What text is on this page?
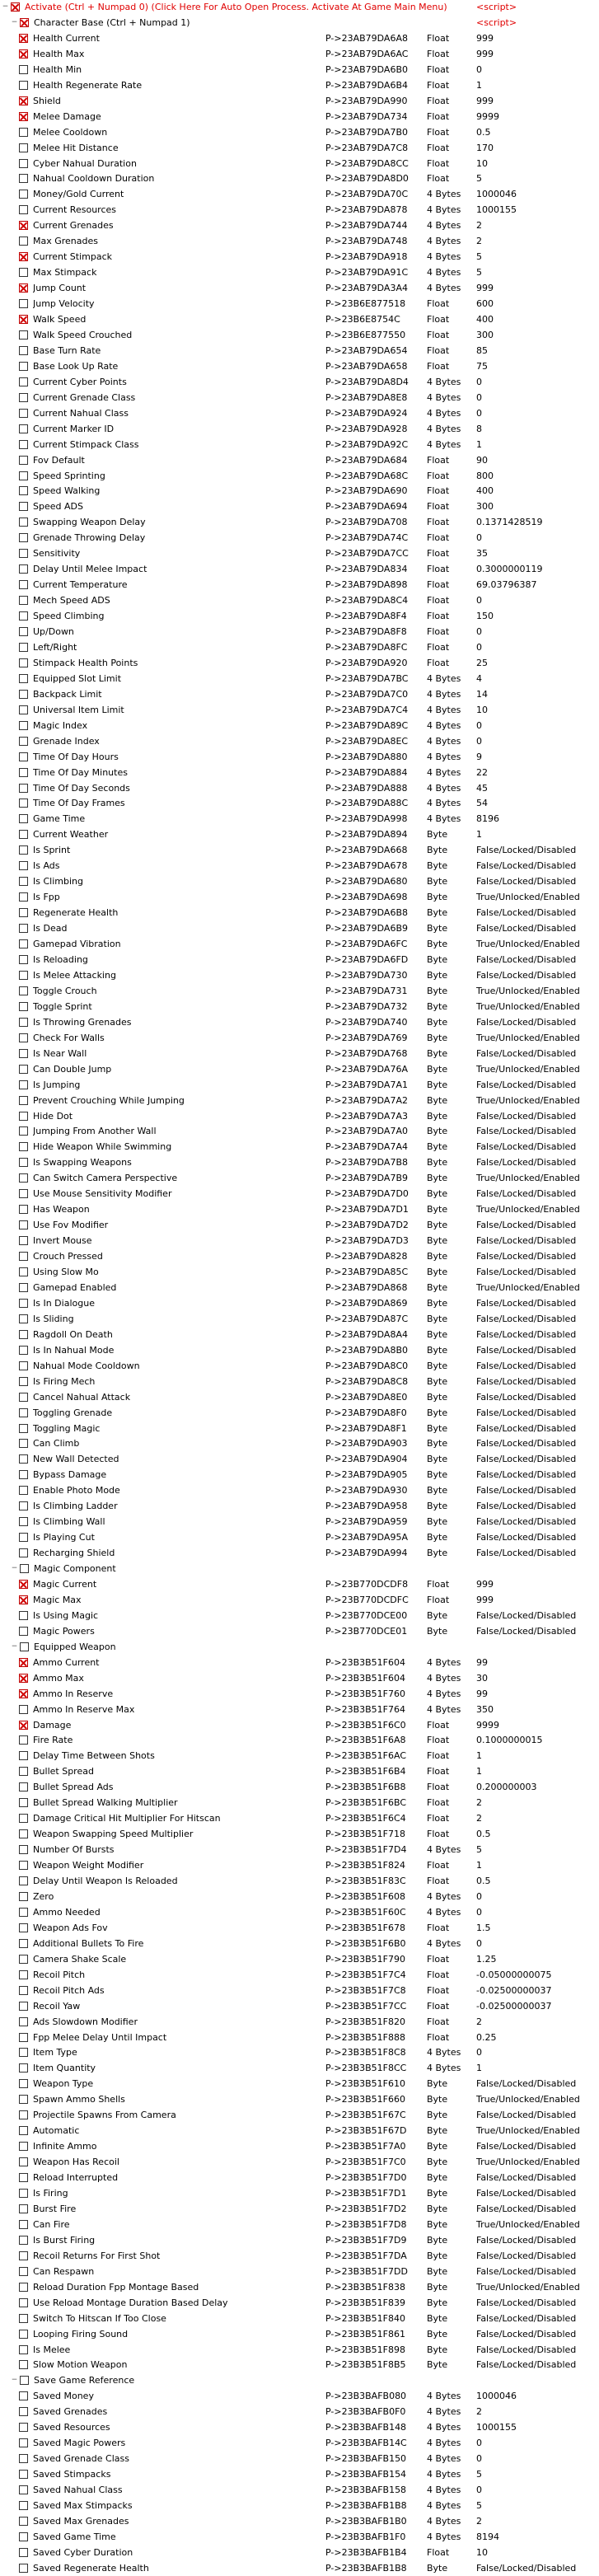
− Activate (Ctrl + Numpad 0) (Click Here For Auto Open Process. Activate At Game Main Menu)	<script>
− Character Base (Ctrl + Numpad 1)	<script>
Health Current	P->23AB79DA6A8 Float	999
Health Max	P->23AB79DA6AC Float	999
Health Min	P->23AB79DA6B0 Float	0
Health Regenerate Rate	P->23AB79DA6B4 Float	1
Shield	P->23AB79DA990 Float	999
Melee Damage	P->23AB79DA734 Float	9999
Melee Cooldown	P->23AB79DA7B0 Float	0.5
Melee Hit Distance	P->23AB79DA7C8 Float	170
Cyber Nahual Duration	P->23AB79DA8CC Float	10
Nahual Cooldown Duration	P->23AB79DA8D0 Float	5
Money/Gold Current	P->23AB79DA70C 4 Bytes 1000046
Current Resources	P->23AB79DA878 4 Bytes 1000155
Current Grenades	P->23AB79DA744 4 Bytes 2
Max Grenades	P->23AB79DA748 4 Bytes 2
Current Stimpack	P->23AB79DA918 4 Bytes 5
Max Stimpack	P->23AB79DA91C 4 Bytes 5
Jump Count	P->23AB79DA3A4 4 Bytes 999
Jump Velocity	P->23B6E877518 Float	600
Walk Speed	P->23B6E8754C	Float	400
Walk Speed Crouched	P->23B6E877550 Float	300
Base Turn Rate	P->23AB79DA654 Float	85
Base Look Up Rate	P->23AB79DA658 Float	75
Current Cyber Points	P->23AB79DA8D4 4 Bytes 0
Current Grenade Class	P->23AB79DA8E8 4 Bytes 0
Current Nahual Class	P->23AB79DA924 4 Bytes 0
Current Marker ID	P->23AB79DA928 4 Bytes 8
Current Stimpack Class	P->23AB79DA92C 4 Bytes 1
Fov Default	P->23AB79DA684 Float	90
Speed Sprinting	P->23AB79DA68C Float	800
Speed Walking	P->23AB79DA690 Float	400
Speed ADS	P->23AB79DA694 Float	300
Swapping Weapon Delay	P->23AB79DA708 Float	0.1371428519
Grenade Throwing Delay	P->23AB79DA74C Float	0
Sensitivity	P->23AB79DA7CC Float	35
Delay Until Melee Impact	P->23AB79DA834 Float	0.3000000119
Current Temperature	P->23AB79DA898 Float	69.03796387
Mech Speed ADS	P->23AB79DA8C4 Float	0
Speed Climbing	P->23AB79DA8F4 Float	150
Up/Down	P->23AB79DA8F8 Float	0
Left/Right	P->23AB79DA8FC Float	0
Stimpack Health Points	P->23AB79DA920 Float	25
Equipped Slot Limit	P->23AB79DA7BC 4 Bytes 4
Backpack Limit	P->23AB79DA7C0 4 Bytes 14
Universal Item Limit	P->23AB79DA7C4 4 Bytes 10
Magic Index	P->23AB79DA89C 4 Bytes 0
Grenade Index	P->23AB79DA8EC 4 Bytes 0
Time Of Day Hours	P->23AB79DA880 4 Bytes 9
Time Of Day Minutes	P->23AB79DA884 4 Bytes 22
Time Of Day Seconds	P->23AB79DA888 4 Bytes 45
Time Of Day Frames	P->23AB79DA88C 4 Bytes 54
Game Time	P->23AB79DA998 4 Bytes 8196
Current Weather	P->23AB79DA894 Byte	1
Is Sprint	P->23AB79DA668 Byte	False/Locked/Disabled
Is Ads	P->23AB79DA678 Byte	False/Locked/Disabled
Is Climbing	P->23AB79DA680 Byte	False/Locked/Disabled
Is Fpp	P->23AB79DA698 Byte	True/Unlocked/Enabled
Regenerate Health	P->23AB79DA6B8 Byte	False/Locked/Disabled
Is Dead	P->23AB79DA6B9 Byte	False/Locked/Disabled
Gamepad Vibration	P->23AB79DA6FC Byte	True/Unlocked/Enabled
Is Reloading	P->23AB79DA6FD Byte	False/Locked/Disabled
Is Melee Attacking	P->23AB79DA730 Byte	False/Locked/Disabled
Toggle Crouch	P->23AB79DA731 Byte	True/Unlocked/Enabled
Toggle Sprint	P->23AB79DA732 Byte	True/Unlocked/Enabled
Is Throwing Grenades	P->23AB79DA740 Byte	False/Locked/Disabled
Check For Walls	P->23AB79DA769 Byte	True/Unlocked/Enabled
Is Near Wall	P->23AB79DA768 Byte	False/Locked/Disabled
Can Double Jump	P->23AB79DA76A Byte	True/Unlocked/Enabled
Is Jumping	P->23AB79DA7A1 Byte	False/Locked/Disabled
Prevent Crouching While Jumping	P->23AB79DA7A2 Byte	True/Unlocked/Enabled
Hide Dot	P->23AB79DA7A3 Byte	False/Locked/Disabled
Jumping From Another Wall	P->23AB79DA7A0 Byte	False/Locked/Disabled
Hide Weapon While Swimming	P->23AB79DA7A4 Byte	False/Locked/Disabled
Is Swapping Weapons	P->23AB79DA7B8 Byte	False/Locked/Disabled
Can Switch Camera Perspective	P->23AB79DA7B9 Byte	True/Unlocked/Enabled
Use Mouse Sensitivity Modifier	P->23AB79DA7D0 Byte	False/Locked/Disabled
Has Weapon	P->23AB79DA7D1 Byte	True/Unlocked/Enabled
Use Fov Modifier	P->23AB79DA7D2 Byte	False/Locked/Disabled
Invert Mouse	P->23AB79DA7D3 Byte	False/Locked/Disabled
Crouch Pressed	P->23AB79DA828 Byte	False/Locked/Disabled
Using Slow Mo	P->23AB79DA85C Byte	False/Locked/Disabled
Gamepad Enabled	P->23AB79DA868 Byte	True/Unlocked/Enabled
Is In Dialogue	P->23AB79DA869 Byte	False/Locked/Disabled
Is Sliding	P->23AB79DA87C Byte	False/Locked/Disabled
Ragdoll On Death	P->23AB79DA8A4 Byte	False/Locked/Disabled
Is In Nahual Mode	P->23AB79DA8B0 Byte	False/Locked/Disabled
Nahual Mode Cooldown	P->23AB79DA8C0 Byte	False/Locked/Disabled
Is Firing Mech	P->23AB79DA8C8 Byte	False/Locked/Disabled
Cancel Nahual Attack	P->23AB79DA8E0 Byte	False/Locked/Disabled
Toggling Grenade	P->23AB79DA8F0 Byte	False/Locked/Disabled
Toggling Magic	P->23AB79DA8F1 Byte	False/Locked/Disabled
Can Climb	P->23AB79DA903 Byte	False/Locked/Disabled
New Wall Detected	P->23AB79DA904 Byte	False/Locked/Disabled
Bypass Damage	P->23AB79DA905 Byte	False/Locked/Disabled
Enable Photo Mode	P->23AB79DA930 Byte	False/Locked/Disabled
Is Climbing Ladder	P->23AB79DA958 Byte	False/Locked/Disabled
Is Climbing Wall	P->23AB79DA959 Byte	False/Locked/Disabled
Is Playing Cut	P->23AB79DA95A Byte	False/Locked/Disabled
Recharging Shield	P->23AB79DA994 Byte	False/Locked/Disabled
− Magic Component
Magic Current	P->23B770DCDF8 Float	999
Magic Max	P->23B770DCDFC Float	999
Is Using Magic	P->23B770DCE00 Byte	False/Locked/Disabled
Magic Powers	P->23B770DCE01 Byte	False/Locked/Disabled
− Equipped Weapon
Ammo Current	P->23B3B51F604 4 Bytes 99
Ammo Max	P->23B3B51F604 4 Bytes 30
Ammo In Reserve	P->23B3B51F760 4 Bytes 99
Ammo In Reserve Max	P->23B3B51F764 4 Bytes 350
Damage	P->23B3B51F6C0 Float	9999
Fire Rate	P->23B3B51F6A8 Float	0.1000000015
Delay Time Between Shots	P->23B3B51F6AC Float	1
Bullet Spread	P->23B3B51F6B4 Float	1
Bullet Spread Ads	P->23B3B51F6B8 Float	0.200000003
Bullet Spread Walking Multiplier	P->23B3B51F6BC Float	2
Damage Critical Hit Multiplier For Hitscan	P->23B3B51F6C4 Float	2
Weapon Swapping Speed Multiplier	P->23B3B51F718 Float	0.5
Number Of Bursts	P->23B3B51F7D4 4 Bytes 5
Weapon Weight Modifier	P->23B3B51F824 Float	1
Delay Until Weapon Is Reloaded	P->23B3B51F83C Float	0.5
Zero	P->23B3B51F608 4 Bytes 0
Ammo Needed	P->23B3B51F60C 4 Bytes 0
Weapon Ads Fov	P->23B3B51F678 Float	1.5
Additional Bullets To Fire	P->23B3B51F6B0 4 Bytes 0
Camera Shake Scale	P->23B3B51F790 Float	1.25
Recoil Pitch	P->23B3B51F7C4 Float	-0.05000000075
Recoil Pitch Ads	P->23B3B51F7C8 Float	-0.02500000037
Recoil Yaw	P->23B3B51F7CC Float	-0.02500000037
Ads Slowdown Modifier	P->23B3B51F820 Float	2
Fpp Melee Delay Until Impact	P->23B3B51F888 Float	0.25
Item Type	P->23B3B51F8C8 4 Bytes 0
Item Quantity	P->23B3B51F8CC 4 Bytes 1
Weapon Type	P->23B3B51F610 Byte	False/Locked/Disabled
Spawn Ammo Shells	P->23B3B51F660 Byte	True/Unlocked/Enabled
Projectile Spawns From Camera	P->23B3B51F67C Byte	False/Locked/Disabled
Automatic	P->23B3B51F67D Byte	True/Unlocked/Enabled
Infinite Ammo	P->23B3B51F7A0 Byte	False/Locked/Disabled
Weapon Has Recoil	P->23B3B51F7C0 Byte	True/Unlocked/Enabled
Reload Interrupted	P->23B3B51F7D0 Byte	False/Locked/Disabled
Is Firing	P->23B3B51F7D1 Byte	False/Locked/Disabled
Burst Fire	P->23B3B51F7D2 Byte	False/Locked/Disabled
Can Fire	P->23B3B51F7D8 Byte	True/Unlocked/Enabled
Is Burst Firing	P->23B3B51F7D9 Byte	False/Locked/Disabled
Recoil Returns For First Shot	P->23B3B51F7DA Byte	False/Locked/Disabled
Can Respawn	P->23B3B51F7DD Byte	False/Locked/Disabled
Reload Duration Fpp Montage Based	P->23B3B51F838 Byte	True/Unlocked/Enabled
Use Reload Montage Duration Based Delay	P->23B3B51F839 Byte	False/Locked/Disabled
Switch To Hitscan If Too Close	P->23B3B51F840 Byte	False/Locked/Disabled
Looping Firing Sound	P->23B3B51F861 Byte	False/Locked/Disabled
Is Melee	P->23B3B51F898 Byte	False/Locked/Disabled
Slow Motion Weapon	P->23B3B51F8B5 Byte	False/Locked/Disabled
− Save Game Reference
Saved Money	P->23B3BAFB080 4 Bytes 1000046
Saved Grenades	P->23B3BAFB0F0 4 Bytes 2
Saved Resources	P->23B3BAFB148 4 Bytes 1000155
Saved Magic Powers	P->23B3BAFB14C 4 Bytes 0
Saved Grenade Class	P->23B3BAFB150 4 Bytes 0
Saved Stimpacks	P->23B3BAFB154 4 Bytes 5
Saved Nahual Class	P->23B3BAFB158 4 Bytes 0
Saved Max Stimpacks	P->23B3BAFB1B8 4 Bytes 5
Saved Max Grenades	P->23B3BAFB1B0 4 Bytes 2
Saved Game Time	P->23B3BAFB1F0 4 Bytes 8194
Saved Cyber Duration	P->23B3BAFB1B4 Float	10
Saved Regenerate Health	P->23B3BAFB1B8 Byte	False/Locked/Disabled
